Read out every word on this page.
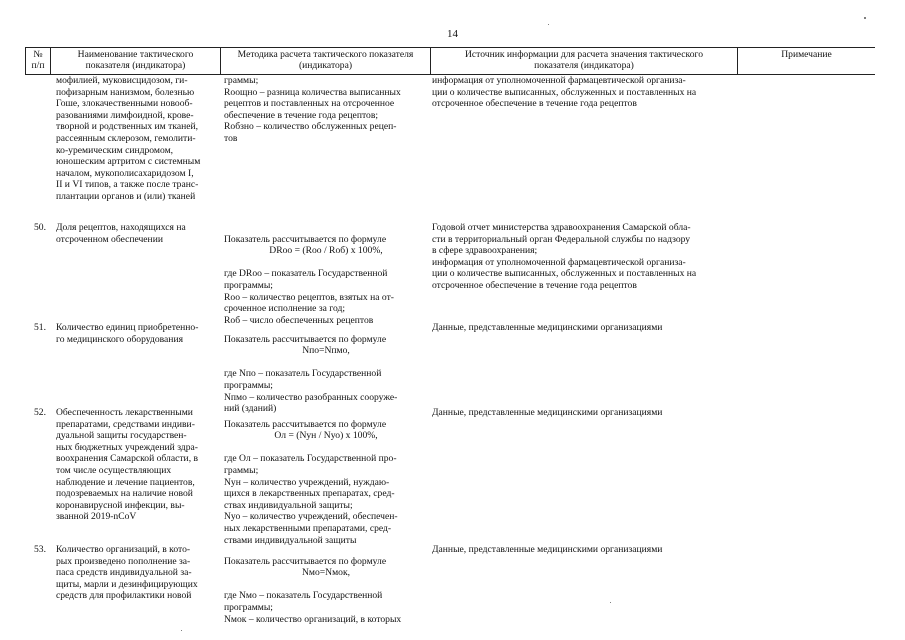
14
№
п/п
Наименование тактического
показателя (индикатора)
Методика расчета тактического показателя
(индикатора)
Источник информации для расчета значения тактического
показателя (индикатора)
Примечание
мофилией, муковисцидозом, ги-
пофизарным нанизмом, болезнью
Гоше, злокачественными новооб-
разованиями лимфоидной, крове-
творной и родственных им тканей,
рассеянным склерозом, гемолити-
ко-уремическим синдромом,
юношеским артритом с системным
началом, мукополисахаридозом I,
II и VI типов, а также после транс-
плантации органов и (или) тканей
граммы;
Rоощно – разница количества выписанных
рецептов и поставленных на отсроченное
обеспечение в течение года рецептов;
Rобзно – количество обслуженных рецеп-
тов
информация от уполномоченной фармацевтической организа-
ции о количестве выписанных, обслуженных и поставленных на
отсроченное обеспечение в течение года рецептов
50. Доля рецептов, находящихся на
отсроченном обеспечении	Показатель рассчитывается по формуле

DRоо = (Rоо / Rоб) х 100%,

где DRоо – показатель Государственной
программы;
Rоо – количество рецептов, взятых на от-
сроченное исполнение за год;
Rоб – число обеспеченных рецептов

Годовой отчет министерства здравоохранения Самарской обла-
сти в территориальный орган Федеральной службы по надзору
в сфере здравоохранения;
информация от уполномоченной фармацевтической организа-
ции о количестве выписанных, обслуженных и поставленных на
отсроченное обеспечение в течение года рецептов
51. Количество единиц приобретенно-
го медицинского оборудования	Показатель рассчитывается по формуле

Nпо=Nпмо,

где Nпо – показатель Государственной
программы;
Nпмо – количество разобранных сооруже-
ний (зданий)

Данные, представленные медицинскими организациями
52. Обеспеченность лекарственными
препаратами, средствами индиви-
дуальной защиты государствен-
ных бюджетных учреждений здра-
воохранения Самарской области, в
том числе осуществляющих
наблюдение и лечение пациентов,
подозреваемых на наличие новой
коронавирусной инфекции, вы-
званной 2019-nCoV

Показатель рассчитывается по формуле

Ол = (Nун / Nуо) х 100%,

где Ол – показатель Государственной про-
граммы;
Nун – количество учреждений, нуждаю-
щихся в лекарственных препаратах, сред-
ствах индивидуальной защиты;
Nуо – количество учреждений, обеспечен-
ных лекарственными препаратами, сред-
ствами индивидуальной защиты

Данные, представленные медицинскими организациями
53. Количество организаций, в кото-
рых произведено пополнение за-
паса средств индивидуальной за-
щиты, марли и дезинфицирующих
средств для профилактики новой

Показатель рассчитывается по формуле

Nмо=Nмок,

где Nмо – показатель Государственной
программы;
Nмок – количество организаций, в которых

Данные, представленные медицинскими организациями
